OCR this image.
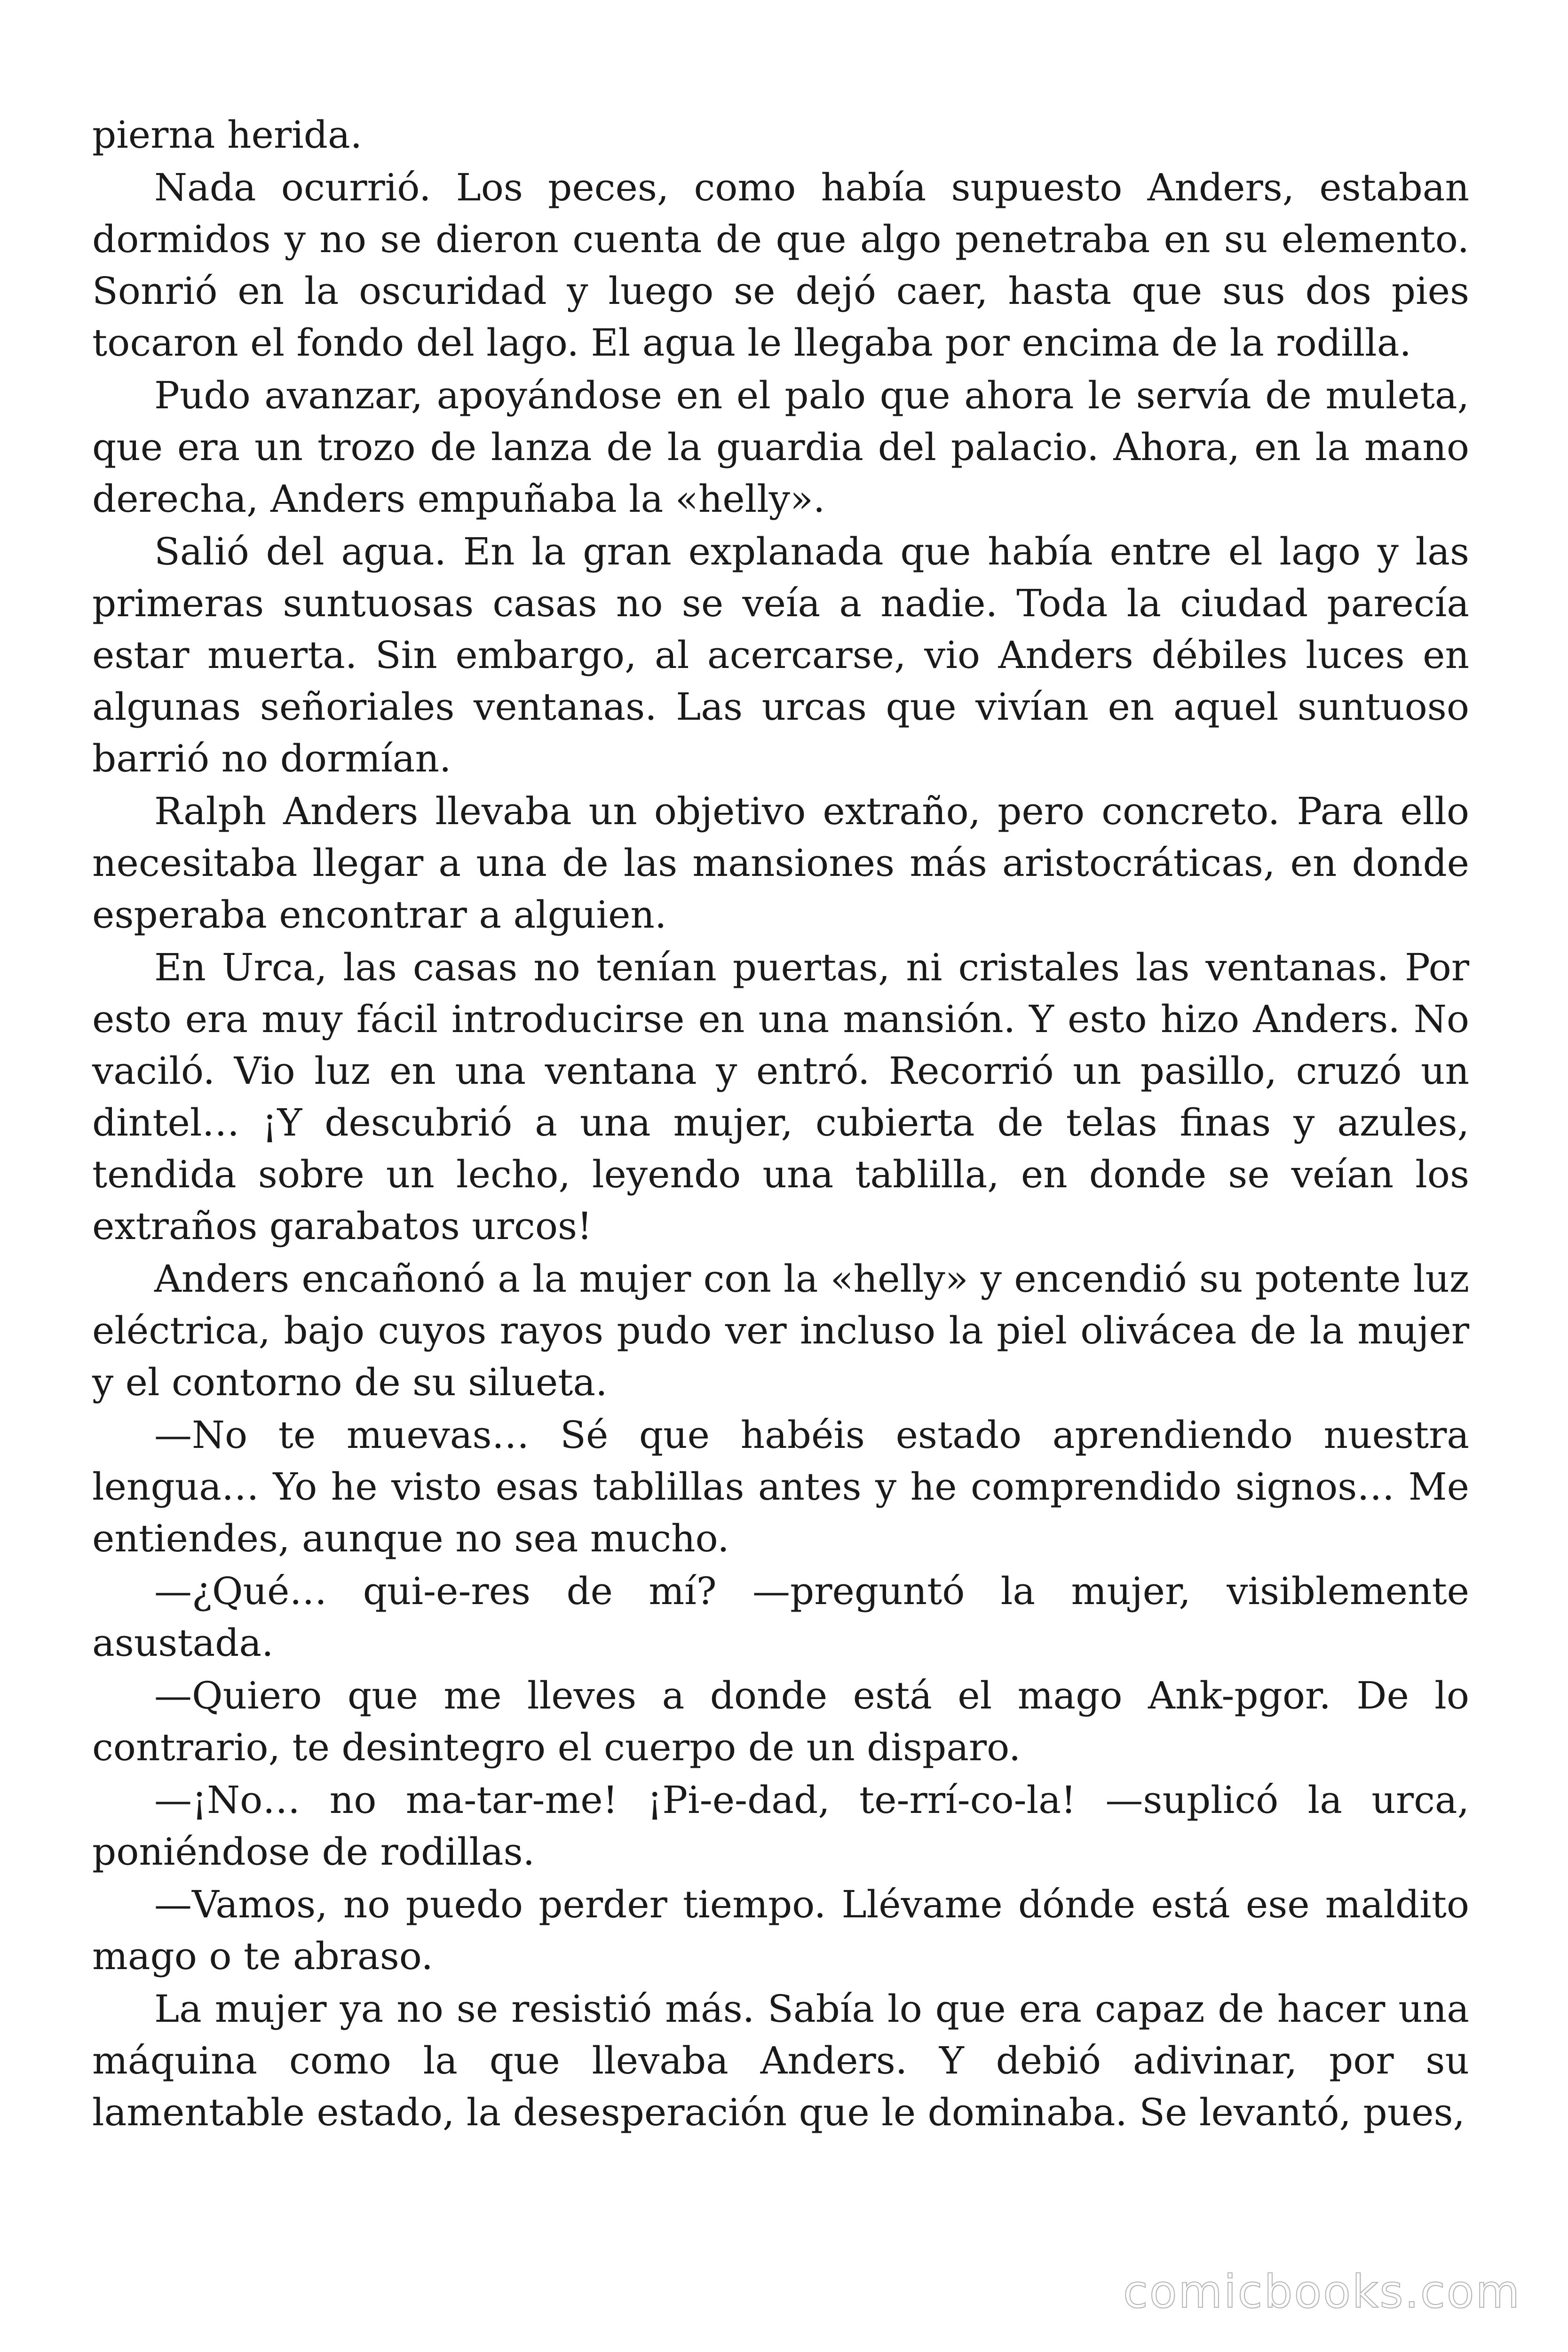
pierna herida.

Nada ocurrió. Los peces, como había supuesto Anders, estaban dormidos y no se dieron cuenta de que algo penetraba en su elemento. Sonrió en la oscuridad y luego se dejó caer, hasta que sus dos pies tocaron el fondo del lago. El agua le llegaba por encima de la rodilla.

Pudo avanzar, apoyándose en el palo que ahora le servía de muleta, que era un trozo de lanza de la guardia del palacio. Ahora, en la mano derecha, Anders empuñaba la «helly».

Salió del agua. En la gran explanada que había entre el lago y las primeras suntuosas casas no se veía a nadie. Toda la ciudad parecía estar muerta. Sin embargo, al acercarse, vio Anders débiles luces en algunas señoriales ventanas. Las urcas que vivían en aquel suntuoso barrió no dormían.

Ralph Anders llevaba un objetivo extraño, pero concreto. Para ello necesitaba llegar a una de las mansiones más aristocráticas, en donde esperaba encontrar a alguien.

En Urca, las casas no tenían puertas, ni cristales las ventanas. Por esto era muy fácil introducirse en una mansión. Y esto hizo Anders. No vaciló. Vio luz en una ventana y entró. Recorrió un pasillo, cruzó un dintel… ¡Y descubrió a una mujer, cubierta de telas finas y azules, tendida sobre un lecho, leyendo una tablilla, en donde se veían los extraños garabatos urcos!

Anders encañonó a la mujer con la «helly» y encendió su potente luz eléctrica, bajo cuyos rayos pudo ver incluso la piel olivácea de la mujer y el contorno de su silueta.

—No te muevas… Sé que habéis estado aprendiendo nuestra lengua… Yo he visto esas tablillas antes y he comprendido signos… Me entiendes, aunque no sea mucho.

—¿Qué… qui-e-res de mí? —preguntó la mujer, visiblemente asustada.

—Quiero que me lleves a donde está el mago Ank-pgor. De lo contrario, te desintegro el cuerpo de un disparo.

—¡No… no ma-tar-me! ¡Pi-e-dad, te-rrí-co-la! —suplicó la urca, poniéndose de rodillas.

—Vamos, no puedo perder tiempo. Llévame dónde está ese maldito mago o te abraso.

La mujer ya no se resistió más. Sabía lo que era capaz de hacer una máquina como la que llevaba Anders. Y debió adivinar, por su lamentable estado, la desesperación que le dominaba. Se levantó, pues,

comicbooks.com
